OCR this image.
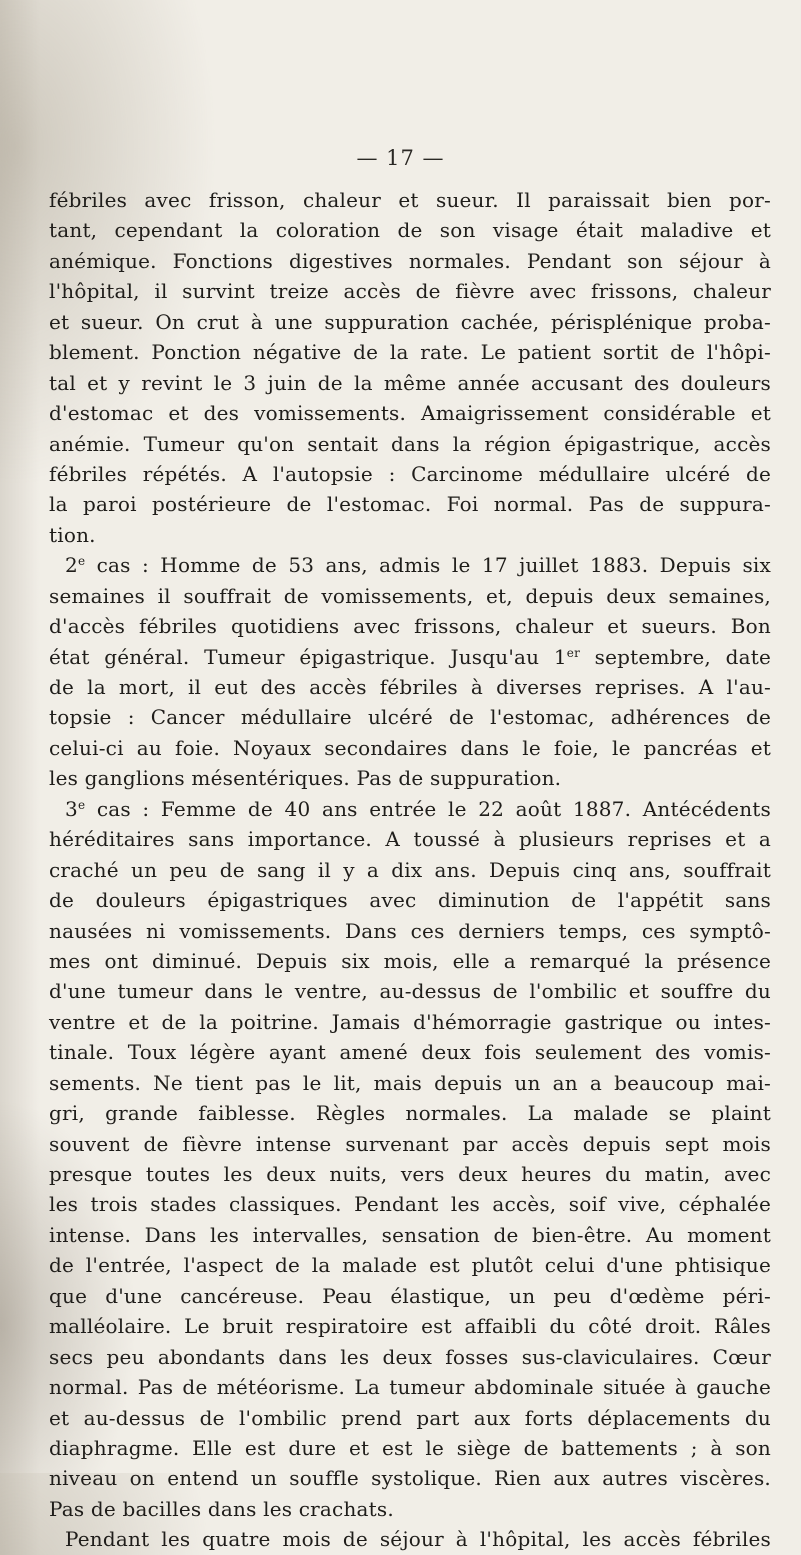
— 17 —
fébriles avec frisson, chaleur et sueur. Il paraissait bien por-
tant, cependant la coloration de son visage était maladive et
anémique. Fonctions digestives normales. Pendant son séjour à
l'hôpital, il survint treize accès de fièvre avec frissons, chaleur
et sueur. On crut à une suppuration cachée, périsplénique proba-
blement. Ponction négative de la rate. Le patient sortit de l'hôpi-
tal et y revint le 3 juin de la même année accusant des douleurs
d'estomac et des vomissements. Amaigrissement considérable et
anémie. Tumeur qu'on sentait dans la région épigastrique, accès
fébriles répétés. A l'autopsie : Carcinome médullaire ulcéré de
la paroi postérieure de l'estomac. Foi normal. Pas de suppura-
tion.
2e cas : Homme de 53 ans, admis le 17 juillet 1883. Depuis six
semaines il souffrait de vomissements, et, depuis deux semaines,
d'accès fébriles quotidiens avec frissons, chaleur et sueurs. Bon
état général. Tumeur épigastrique. Jusqu'au 1er septembre, date
de la mort, il eut des accès fébriles à diverses reprises. A l'au-
topsie : Cancer médullaire ulcéré de l'estomac, adhérences de
celui-ci au foie. Noyaux secondaires dans le foie, le pancréas et
les ganglions mésentériques. Pas de suppuration.
3e cas : Femme de 40 ans entrée le 22 août 1887. Antécédents
héréditaires sans importance. A toussé à plusieurs reprises et a
craché un peu de sang il y a dix ans. Depuis cinq ans, souffrait
de douleurs épigastriques avec diminution de l'appétit sans
nausées ni vomissements. Dans ces derniers temps, ces symptô-
mes ont diminué. Depuis six mois, elle a remarqué la présence
d'une tumeur dans le ventre, au-dessus de l'ombilic et souffre du
ventre et de la poitrine. Jamais d'hémorragie gastrique ou intes-
tinale. Toux légère ayant amené deux fois seulement des vomis-
sements. Ne tient pas le lit, mais depuis un an a beaucoup mai-
gri, grande faiblesse. Règles normales. La malade se plaint
souvent de fièvre intense survenant par accès depuis sept mois
presque toutes les deux nuits, vers deux heures du matin, avec
les trois stades classiques. Pendant les accès, soif vive, céphalée
intense. Dans les intervalles, sensation de bien-être. Au moment
de l'entrée, l'aspect de la malade est plutôt celui d'une phtisique
que d'une cancéreuse. Peau élastique, un peu d'œdème péri-
malléolaire. Le bruit respiratoire est affaibli du côté droit. Râles
secs peu abondants dans les deux fosses sus-claviculaires. Cœur
normal. Pas de météorisme. La tumeur abdominale située à gauche
et au-dessus de l'ombilic prend part aux forts déplacements du
diaphragme. Elle est dure et est le siège de battements ; à son
niveau on entend un souffle systolique. Rien aux autres viscères.
Pas de bacilles dans les crachats.
Pendant les quatre mois de séjour à l'hôpital, les accès fébriles
